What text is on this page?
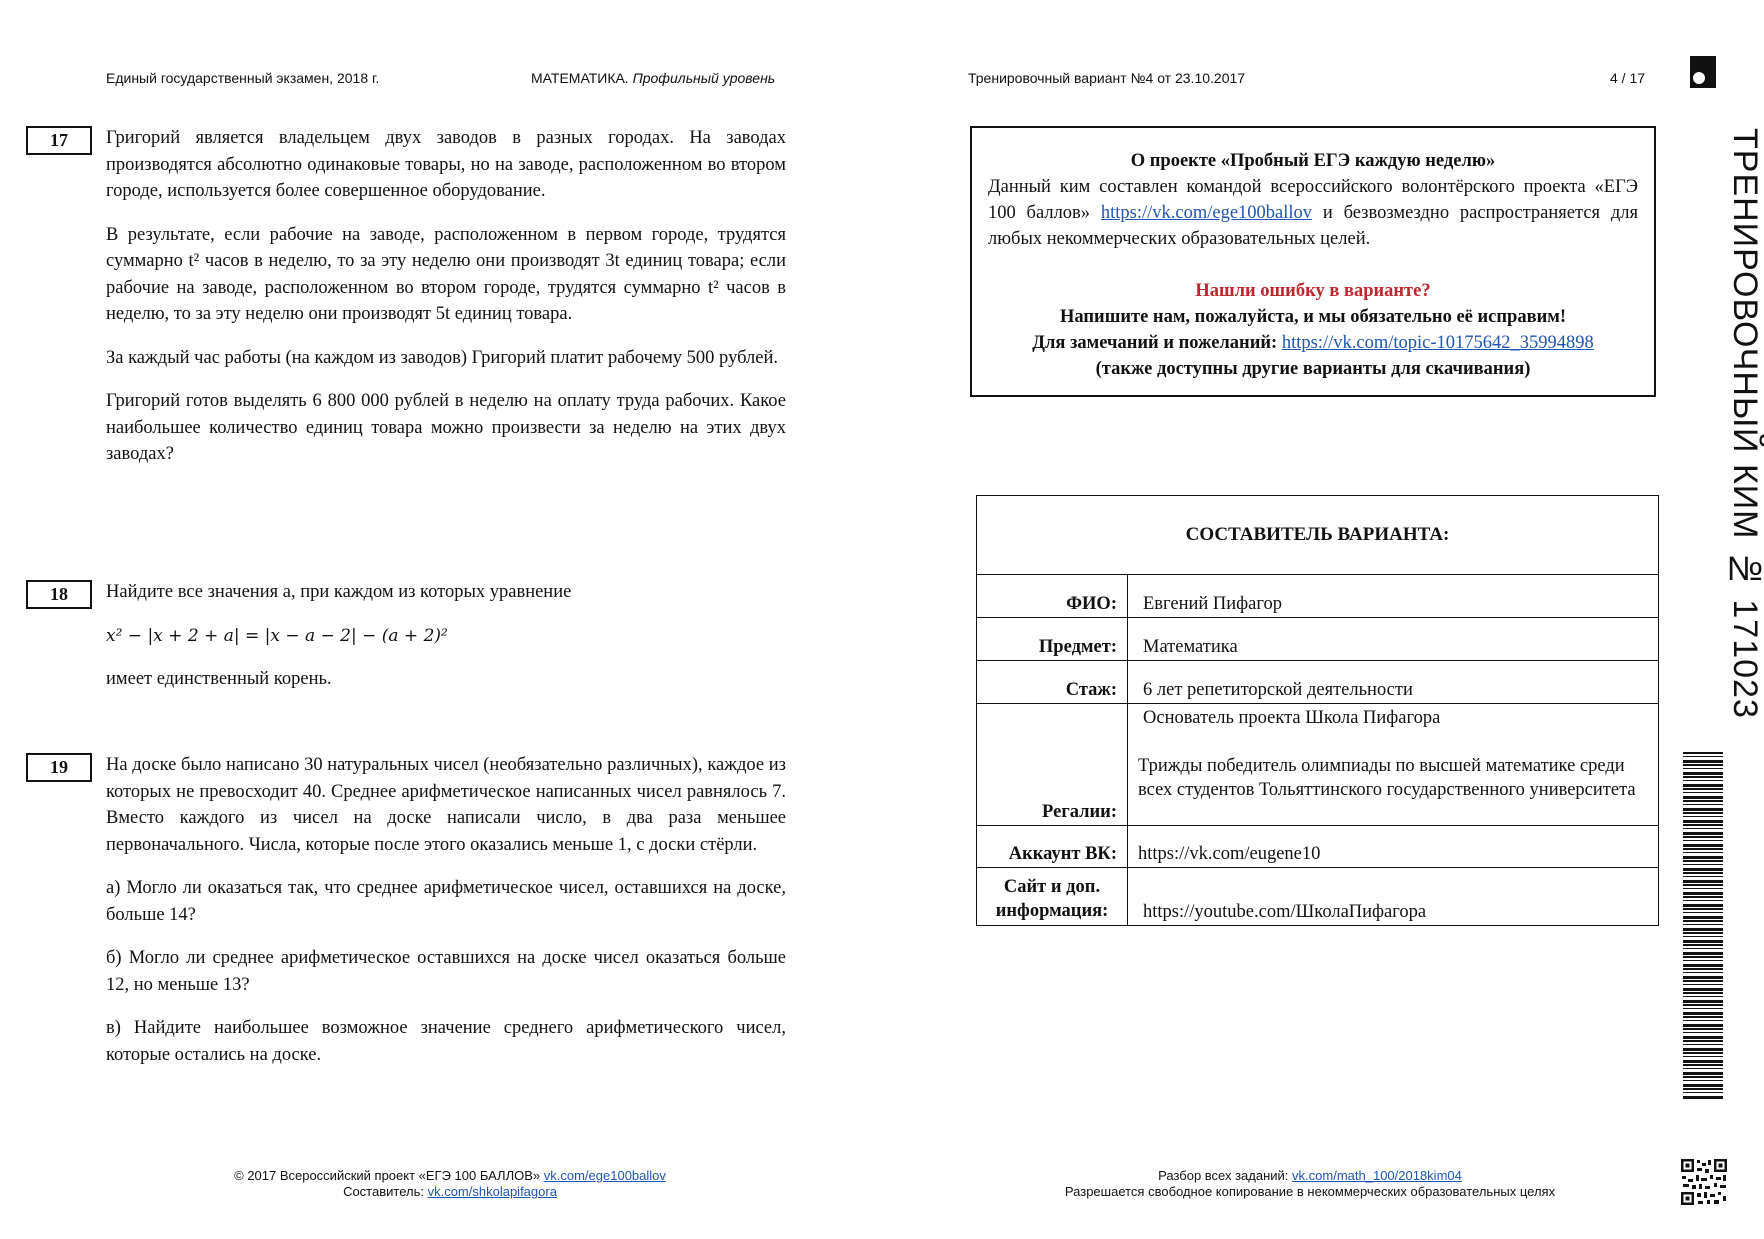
Единый государственный экзамен, 2018 г.	МАТЕМАТИКА. Профильный уровень	Тренировочный вариант №4 от 23.10.2017	4 / 17
17	Григорий является владельцем двух заводов в разных городах. На заводах производятся абсолютно одинаковые товары, но на заводе, расположенном во втором городе, используется более совершенное оборудование.

В результате, если рабочие на заводе, расположенном в первом городе, трудятся суммарно t² часов в неделю, то за эту неделю они производят 3t единиц товара; если рабочие на заводе, расположенном во втором городе, трудятся суммарно t² часов в неделю, то за эту неделю они производят 5t единиц товара.

За каждый час работы (на каждом из заводов) Григорий платит рабочему 500 рублей.

Григорий готов выделять 6 800 000 рублей в неделю на оплату труда рабочих. Какое наибольшее количество единиц товара можно произвести за неделю на этих двух заводах?

18	Найдите все значения a, при каждом из которых уравнение

x² − |x + 2 + a| = |x − a − 2| − (a + 2)²

имеет единственный корень.

19	На доске было написано 30 натуральных чисел (необязательно различных), каждое из которых не превосходит 40. Среднее арифметическое написанных чисел равнялось 7. Вместо каждого из чисел на доске написали число, в два раза меньшее первоначального. Числа, которые после этого оказались меньше 1, с доски стёрли.

а) Могло ли оказаться так, что среднее арифметическое чисел, оставшихся на доске, больше 14?

б) Могло ли среднее арифметическое оставшихся на доске чисел оказаться больше 12, но меньше 13?

в) Найдите наибольшее возможное значение среднего арифметического чисел, которые остались на доске.

О проекте «Пробный ЕГЭ каждую неделю»
Данный ким составлен командой всероссийского волонтёрского проекта «ЕГЭ 100 баллов» https://vk.com/ege100ballov и безвозмездно распространяется для любых некоммерческих образовательных целей.
Нашли ошибку в варианте?
Напишите нам, пожалуйста, и мы обязательно её исправим!
Для замечаний и пожеланий: https://vk.com/topic-10175642_35994898
(также доступны другие варианты для скачивания)
СОСТАВИТЕЛЬ ВАРИАНТА:	
ФИО:	Евгений Пифагор
Предмет:	Математика
Стаж:	6 лет репетиторской деятельности
Регалии:	Основатель проекта Школа Пифагора
Трижды победитель олимпиады по высшей математике среди всех студентов Тольяттинского государственного университета

Аккаунт ВК:	https://vk.com/eugene10

Сайт и доп.
информация:	https://youtube.com/ШколаПифагора
ТРЕНИРОВОЧНЫЙ КИМ № 171023
© 2017 Всероссийский проект «ЕГЭ 100 БАЛЛОВ» vk.com/ege100ballov
Составитель: vk.com/shkolapifagora
Разбор всех заданий: vk.com/math_100/2018kim04
Разрешается свободное копирование в некоммерческих образовательных целях
